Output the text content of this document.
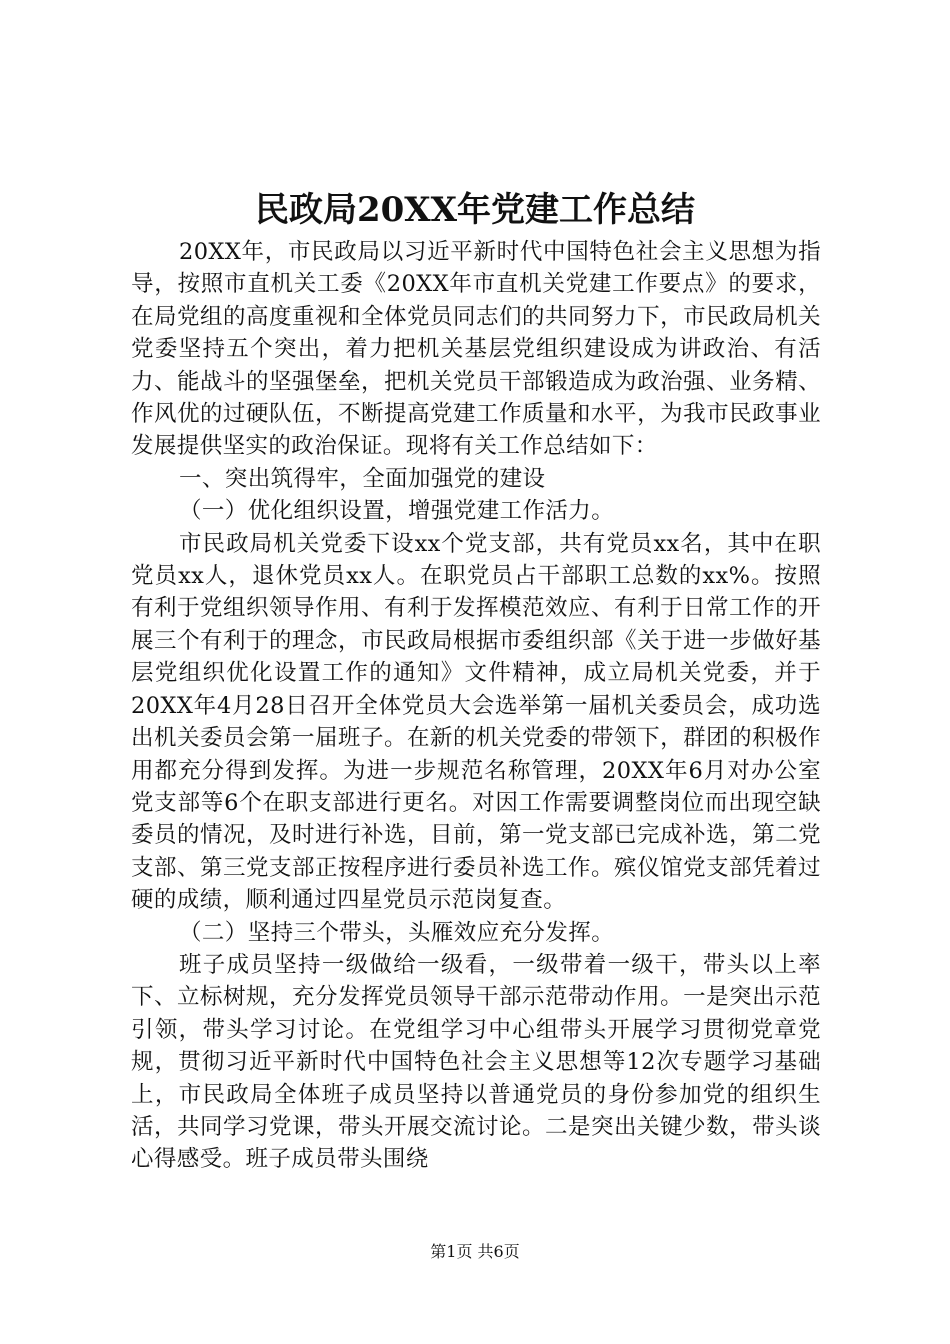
民政局20XX年党建工作总结

20XX年，市民政局以习近平新时代中国特色社会主义思想为指导，按照市直机关工委《20XX年市直机关党建工作要点》的要求，在局党组的高度重视和全体党员同志们的共同努力下，市民政局机关党委坚持五个突出，着力把机关基层党组织建设成为讲政治、有活力、能战斗的坚强堡垒，把机关党员干部锻造成为政治强、业务精、作风优的过硬队伍，不断提高党建工作质量和水平，为我市民政事业发展提供坚实的政治保证。现将有关工作总结如下：

一、突出筑得牢，全面加强党的建设

（一）优化组织设置，增强党建工作活力。

市民政局机关党委下设xx个党支部，共有党员xx名，其中在职党员xx人，退休党员xx人。在职党员占干部职工总数的xx%。按照有利于党组织领导作用、有利于发挥模范效应、有利于日常工作的开展三个有利于的理念，市民政局根据市委组织部《关于进一步做好基层党组织优化设置工作的通知》文件精神，成立局机关党委，并于20XX年4月28日召开全体党员大会选举第一届机关委员会，成功选出机关委员会第一届班子。在新的机关党委的带领下，群团的积极作用都充分得到发挥。为进一步规范名称管理，20XX年6月对办公室党支部等6个在职支部进行更名。对因工作需要调整岗位而出现空缺委员的情况，及时进行补选，目前，第一党支部已完成补选，第二党支部、第三党支部正按程序进行委员补选工作。殡仪馆党支部凭着过硬的成绩，顺利通过四星党员示范岗复查。

（二）坚持三个带头，头雁效应充分发挥。

班子成员坚持一级做给一级看，一级带着一级干，带头以上率下、立标树规，充分发挥党员领导干部示范带动作用。一是突出示范引领，带头学习讨论。在党组学习中心组带头开展学习贯彻党章党规，贯彻习近平新时代中国特色社会主义思想等12次专题学习基础上，市民政局全体班子成员坚持以普通党员的身份参加党的组织生活，共同学习党课，带头开展交流讨论。二是突出关键少数，带头谈心得感受。班子成员带头围绕

第1页 共6页
